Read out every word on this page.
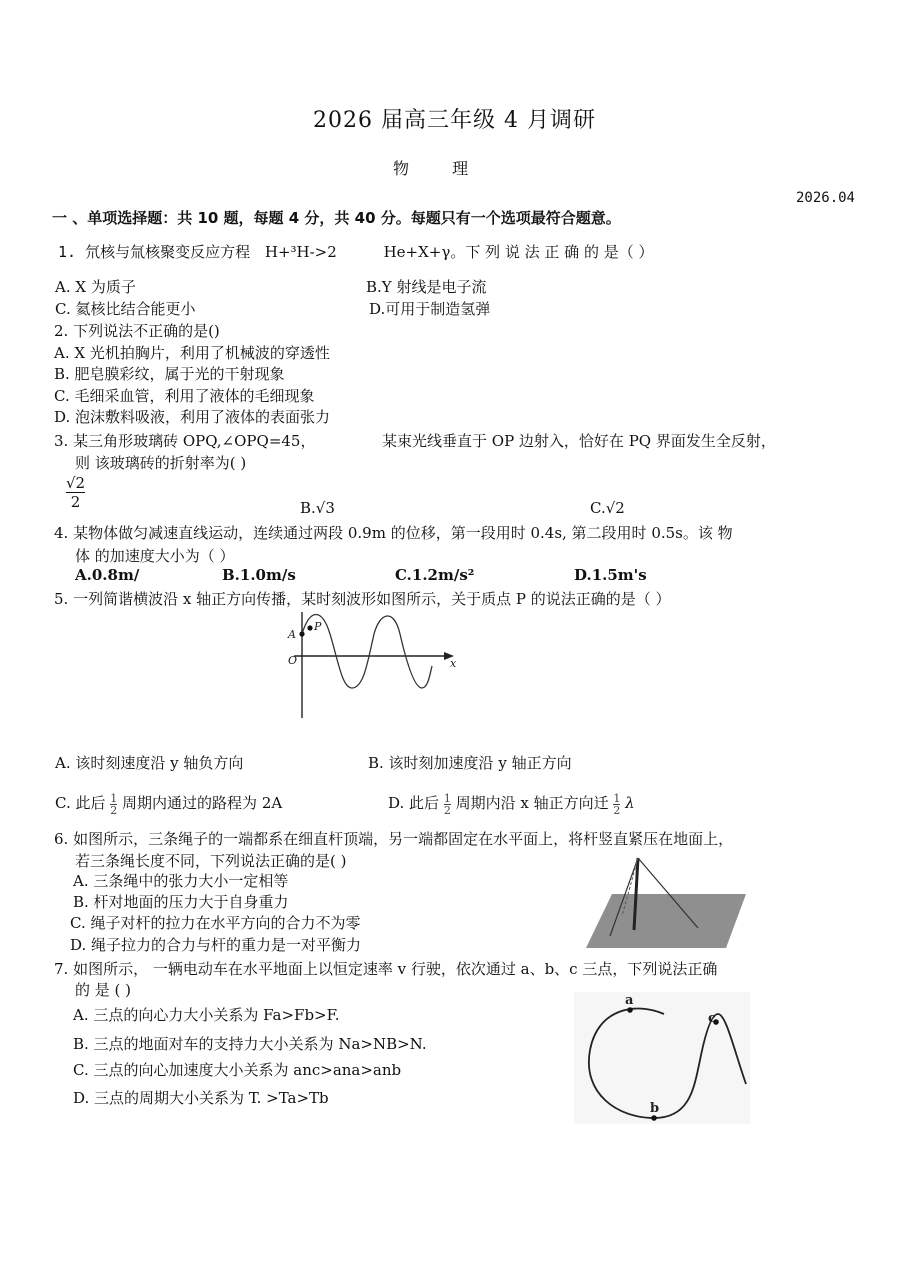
2026 届高三年级 4 月调研
物 理
2026.04
一 、单项选择题：共 10 题，每题 4 分，共 40 分。每题只有一个选项最符合题意。
1. 氘核与氚核聚变反应方程 H+³H->2	He+X+γ。下 列 说 法 正 确 的 是（ ）
A. X 为质子	B.Y 射线是电子流
C. 氦核比结合能更小	D.可用于制造氢弹
2. 下列说法不正确的是()
A. X 光机拍胸片，利用了机械波的穿透性
B. 肥皂膜彩纹，属于光的干射现象
C. 毛细采血管，利用了液体的毛细现象
D. 泡沫敷料吸液，利用了液体的表面张力
3. 某三角形玻璃砖 OPQ,∠OPQ=45，	某束光线垂直于 OP 边射入，恰好在 PQ 界面发生全反射，
则 该玻璃砖的折射率为( )
$\frac{√2}{2}$	B.√3	C.√2
4. 某物体做匀减速直线运动，连续通过两段 0.9m 的位移，第一段用时 0.4s, 第二段用时 0.5s。该 物
体 的加速度大小为（ ）
A.0.8m/	B.1.0m/s	C.1.2m/s²	D.1.5m's
5. 一列简谐横波沿 x 轴正方向传播，某时刻波形如图所示，关于质点 P 的说法正确的是（ ）
A
P
O	x
A. 该时刻速度沿 y 轴负方向	B. 该时刻加速度沿 y 轴正方向
C. 此后 $\frac{1}{2}$ 周期内通过的路程为 2A	D. 此后 $\frac{1}{2}$ 周期内沿 x 轴正方向迁 $\frac{1}{2}$ λ
6. 如图所示，三条绳子的一端都系在细直杆顶端，另一端都固定在水平面上，将杆竖直紧压在地面上，
若三条绳长度不同，下列说法正确的是( )
A. 三条绳中的张力大小一定相等
B. 杆对地面的压力大于自身重力
C. 绳子对杆的拉力在水平方向的合力不为零
D. 绳子拉力的合力与杆的重力是一对平衡力
7. 如图所示， 一辆电动车在水平地面上以恒定速率 v 行驶，依次通过 a、b、c 三点，下列说法正确
的 是 ( )
A. 三点的向心力大小关系为 Fa>Fb>F.
B. 三点的地面对车的支持力大小关系为 Na>NB>N.
C. 三点的向心加速度大小关系为 anc>ana>anb
D. 三点的周期大小关系为 T. >Ta>Tb
a
b
c
